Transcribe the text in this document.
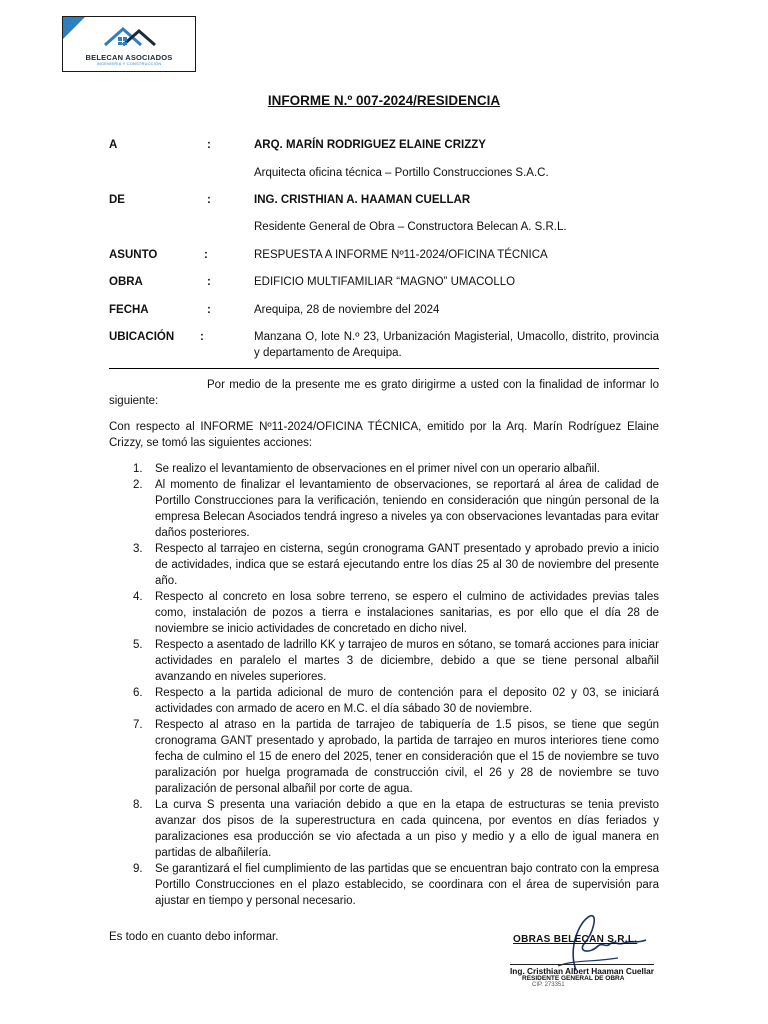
BELECAN ASOCIADOS
INGENIERIA Y CONSTRUCCIÓN
INFORME N.º 007-2024/RESIDENCIA
A	:	ARQ. MARÍN RODRIGUEZ ELAINE CRIZZY
Arquitecta oficina técnica – Portillo Construcciones S.A.C.
DE	:	ING. CRISTHIAN A. HAAMAN CUELLAR
Residente General de Obra – Constructora Belecan A. S.R.L.
ASUNTO	:	RESPUESTA A INFORME Nº11-2024/OFICINA TÉCNICA
OBRA	:	EDIFICIO MULTIFAMILIAR “MAGNO” UMACOLLO
FECHA	:	Arequipa, 28 de noviembre del 2024
UBICACIÓN :	Manzana O, lote N.º 23, Urbanización Magisterial, Umacollo, distrito, provincia y departamento de Arequipa.
Por medio de la presente me es grato dirigirme a usted con la finalidad de informar lo siguiente:
Con respecto al INFORME Nº11-2024/OFICINA TÉCNICA, emitido por la Arq. Marín Rodríguez Elaine Crizzy, se tomó las siguientes acciones:
1. Se realizo el levantamiento de observaciones en el primer nivel con un operario albañil.
2. Al momento de finalizar el levantamiento de observaciones, se reportará al área de calidad de Portillo Construcciones para la verificación, teniendo en consideración que ningún personal de la empresa Belecan Asociados tendrá ingreso a niveles ya con observaciones levantadas para evitar daños posteriores.
3. Respecto al tarrajeo en cisterna, según cronograma GANT presentado y aprobado previo a inicio de actividades, indica que se estará ejecutando entre los días 25 al 30 de noviembre del presente año.
4. Respecto al concreto en losa sobre terreno, se espero el culmino de actividades previas tales como, instalación de pozos a tierra e instalaciones sanitarias, es por ello que el día 28 de noviembre se inicio actividades de concretado en dicho nivel.
5. Respecto a asentado de ladrillo KK y tarrajeo de muros en sótano, se tomará acciones para iniciar actividades en paralelo el martes 3 de diciembre, debido a que se tiene personal albañil avanzando en niveles superiores.
6. Respecto a la partida adicional de muro de contención para el deposito 02 y 03, se iniciará actividades con armado de acero en M.C. el día sábado 30 de noviembre.
7. Respecto al atraso en la partida de tarrajeo de tabiquería de 1.5 pisos, se tiene que según cronograma GANT presentado y aprobado, la partida de tarrajeo en muros interiores tiene como fecha de culmino el 15 de enero del 2025, tener en consideración que el 15 de noviembre se tuvo paralización por huelga programada de construcción civil, el 26 y 28 de noviembre se tuvo paralización de personal albañil por corte de agua.
8. La curva S presenta una variación debido a que en la etapa de estructuras se tenia previsto avanzar dos pisos de la superestructura en cada quincena, por eventos en días feriados y paralizaciones esa producción se vio afectada a un piso y medio y a ello de igual manera en partidas de albañilería.
9. Se garantizará el fiel cumplimiento de las partidas que se encuentran bajo contrato con la empresa Portillo Construcciones en el plazo establecido, se coordinara con el área de supervisión para ajustar en tiempo y personal necesario.
Es todo en cuanto debo informar.	OBRAS BELECAN S.R.L.
Ing. Cristhian Albert Haaman Cuellar
RESIDENTE GENERAL DE OBRA
CIP. 273351
